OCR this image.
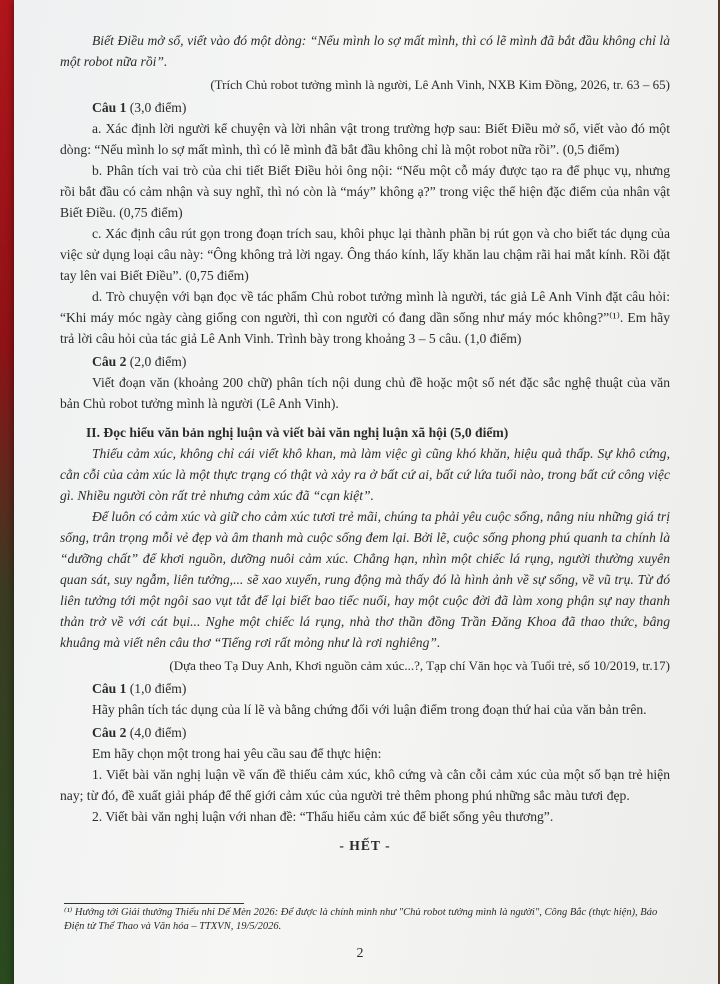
Biết Điều mở sổ, viết vào đó một dòng: “Nếu mình lo sợ mất mình, thì có lẽ mình đã bắt đầu không chỉ là một robot nữa rồi”.

(Trích Chủ robot tưởng mình là người, Lê Anh Vinh, NXB Kim Đồng, 2026, tr. 63 – 65)

Câu 1 (3,0 điểm)

a. Xác định lời người kể chuyện và lời nhân vật trong trường hợp sau: Biết Điều mở sổ, viết vào đó một dòng: “Nếu mình lo sợ mất mình, thì có lẽ mình đã bắt đầu không chỉ là một robot nữa rồi”. (0,5 điểm)

b. Phân tích vai trò của chi tiết Biết Điều hỏi ông nội: “Nếu một cỗ máy được tạo ra để phục vụ, nhưng rồi bắt đầu có cảm nhận và suy nghĩ, thì nó còn là “máy” không ạ?” trong việc thể hiện đặc điểm của nhân vật Biết Điều. (0,75 điểm)

c. Xác định câu rút gọn trong đoạn trích sau, khôi phục lại thành phần bị rút gọn và cho biết tác dụng của việc sử dụng loại câu này: “Ông không trả lời ngay. Ông tháo kính, lấy khăn lau chậm rãi hai mắt kính. Rồi đặt tay lên vai Biết Điều”. (0,75 điểm)

d. Trò chuyện với bạn đọc về tác phẩm Chủ robot tưởng mình là người, tác giả Lê Anh Vinh đặt câu hỏi: “Khi máy móc ngày càng giống con người, thì con người có đang dần sống như máy móc không?”⁽¹⁾. Em hãy trả lời câu hỏi của tác giả Lê Anh Vinh. Trình bày trong khoảng 3 – 5 câu. (1,0 điểm)

Câu 2 (2,0 điểm)

Viết đoạn văn (khoảng 200 chữ) phân tích nội dung chủ đề hoặc một số nét đặc sắc nghệ thuật của văn bản Chủ robot tưởng mình là người (Lê Anh Vinh).

II. Đọc hiểu văn bản nghị luận và viết bài văn nghị luận xã hội (5,0 điểm)

Thiếu cảm xúc, không chỉ cái viết khô khan, mà làm việc gì cũng khó khăn, hiệu quả thấp. Sự khô cứng, cằn cỗi của cảm xúc là một thực trạng có thật và xảy ra ở bất cứ ai, bất cứ lứa tuổi nào, trong bất cứ công việc gì. Nhiều người còn rất trẻ nhưng cảm xúc đã “cạn kiệt”.

Để luôn có cảm xúc và giữ cho cảm xúc tươi trẻ mãi, chúng ta phải yêu cuộc sống, nâng niu những giá trị sống, trân trọng mỗi vẻ đẹp và âm thanh mà cuộc sống đem lại. Bởi lẽ, cuộc sống phong phú quanh ta chính là “dưỡng chất” để khơi nguồn, dưỡng nuôi cảm xúc. Chẳng hạn, nhìn một chiếc lá rụng, người thường xuyên quan sát, suy ngẫm, liên tưởng,... sẽ xao xuyến, rung động mà thấy đó là hình ảnh về sự sống, về vũ trụ. Từ đó liên tưởng tới một ngôi sao vụt tắt để lại biết bao tiếc nuối, hay một cuộc đời đã làm xong phận sự nay thanh thản trở về với cát bụi... Nghe một chiếc lá rụng, nhà thơ thần đồng Trần Đăng Khoa đã thao thức, bâng khuâng mà viết nên câu thơ “Tiếng rơi rất mỏng như là rơi nghiêng”.

(Dựa theo Tạ Duy Anh, Khơi nguồn cảm xúc...?, Tạp chí Văn học và Tuổi trẻ, số 10/2019, tr.17)

Câu 1 (1,0 điểm)

Hãy phân tích tác dụng của lí lẽ và bằng chứng đối với luận điểm trong đoạn thứ hai của văn bản trên.

Câu 2 (4,0 điểm)

Em hãy chọn một trong hai yêu cầu sau để thực hiện:

1. Viết bài văn nghị luận về vấn đề thiếu cảm xúc, khô cứng và cằn cỗi cảm xúc của một số bạn trẻ hiện nay; từ đó, đề xuất giải pháp để thế giới cảm xúc của người trẻ thêm phong phú những sắc màu tươi đẹp.

2. Viết bài văn nghị luận với nhan đề: “Thấu hiểu cảm xúc để biết sống yêu thương”.

- HẾT -

⁽¹⁾ Hướng tới Giải thưởng Thiếu nhi Dế Mèn 2026: Để được là chính mình như "Chủ robot tưởng mình là người", Công Bắc (thực hiện), Báo Điện tử Thể Thao và Văn hóa – TTXVN, 19/5/2026.

2
